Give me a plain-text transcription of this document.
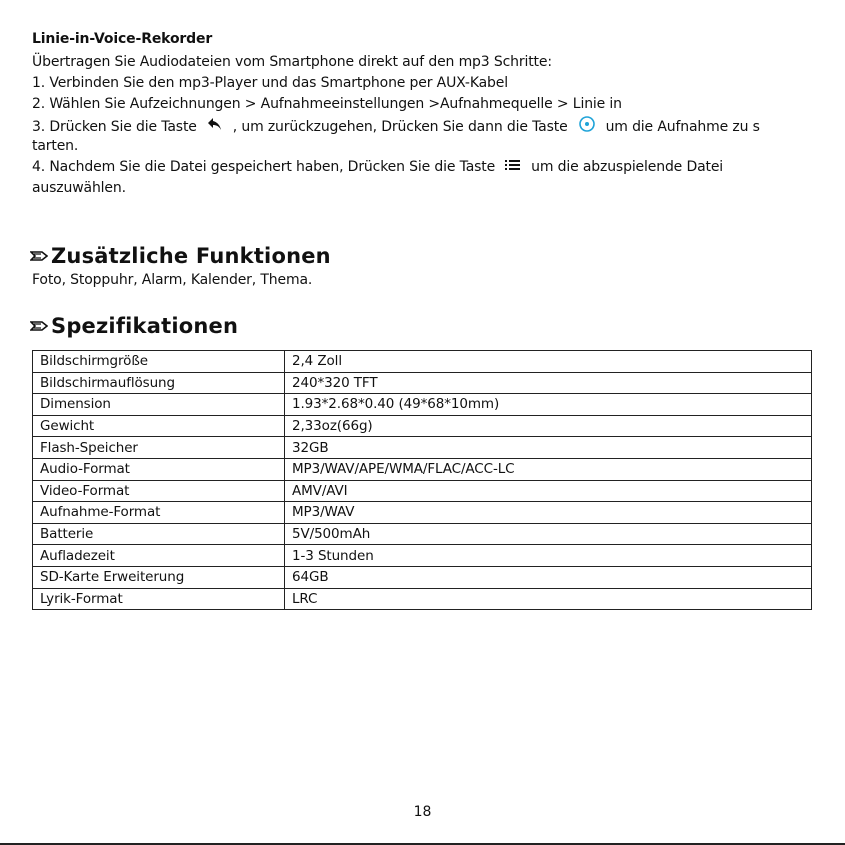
Linie-in-Voice-Rekorder
Übertragen Sie Audiodateien vom Smartphone direkt auf den mp3 Schritte:
1. Verbinden Sie den mp3-Player und das Smartphone per AUX-Kabel
2. Wählen Sie Aufzeichnungen > Aufnahmeeinstellungen >Aufnahmequelle > Linie in
3. Drücken Sie die Taste	, um zurückzugehen, Drücken Sie dann die Taste	um die Aufnahme zu s
tarten.
4. Nachdem Sie die Datei gespeichert haben, Drücken Sie die Taste	um die abzuspielende Datei
auszuwählen.
Zusätzliche Funktionen
Foto, Stoppuhr, Alarm, Kalender, Thema.
Spezifikationen
Bildschirmgröße	2,4 Zoll
Bildschirmauflösung	240*320 TFT
Dimension	1.93*2.68*0.40 (49*68*10mm)
Gewicht	2,33oz(66g)
Flash-Speicher	32GB
Audio-Format	MP3/WAV/APE/WMA/FLAC/ACC-LC
Video-Format	AMV/AVI
Aufnahme-Format	MP3/WAV
Batterie	5V/500mAh
Aufladezeit	1-3 Stunden
SD-Karte Erweiterung	64GB
Lyrik-Format	LRC
18
